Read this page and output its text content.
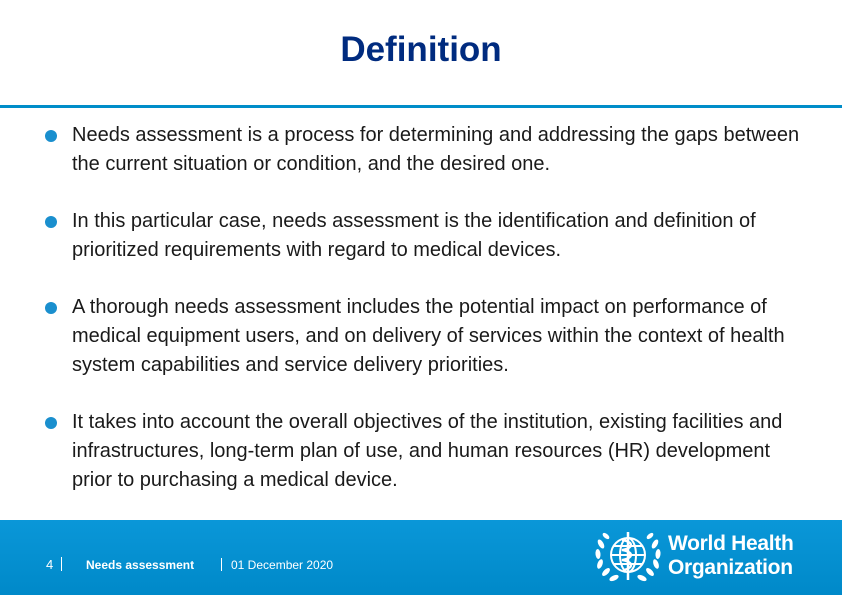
Definition
Needs assessment is a process for determining and addressing the gaps between the current situation or condition, and the desired one.
In this particular case, needs assessment is the identification and definition of prioritized requirements with regard to medical devices.
A thorough needs assessment includes the potential impact on performance of medical equipment users, and on delivery of services within the context of health system capabilities and service delivery priorities.
It takes into account the overall objectives of the institution, existing facilities and infrastructures, long-term plan of use, and human resources (HR) development prior to purchasing a medical device.
4	Needs assessment	01 December 2020
World Health
Organization
